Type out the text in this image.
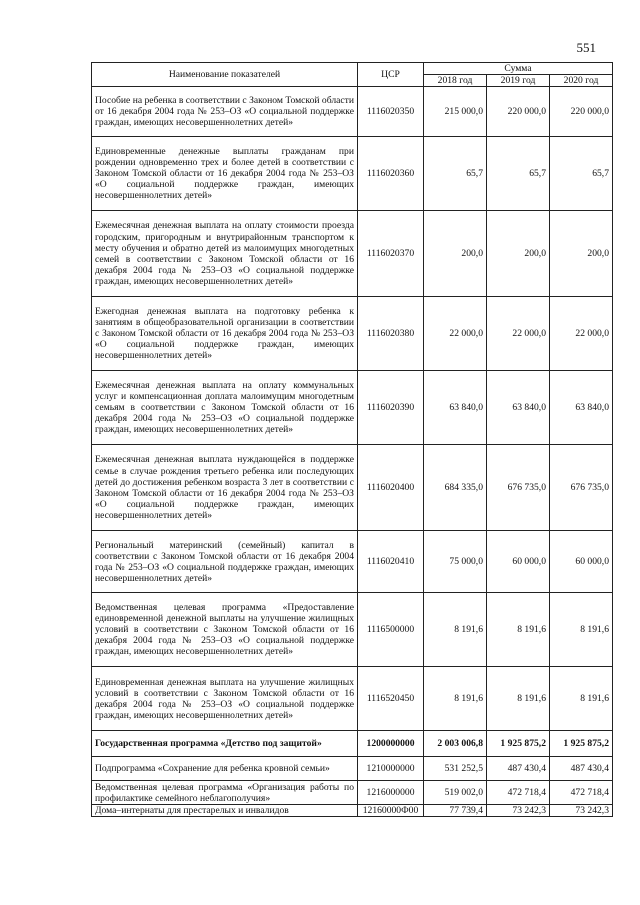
551
Наименование показателей	ЦСР	Сумма		
		2018 год	2019 год	2020 год
Пособие на ребенка в соответствии с Законом Томской области от 16 декабря 2004 года № 253–ОЗ «О социальной поддержке граждан, имеющих несовершеннолетних детей»	1116020350	215 000,0	220 000,0	220 000,0
Единовременные денежные выплаты гражданам при рождении одновременно трех и более детей в соответствии с Законом Томской области от 16 декабря 2004 года № 253–ОЗ «О социальной поддержке граждан, имеющих несовершеннолетних детей»	1116020360	65,7	65,7	65,7
Ежемесячная денежная выплата на оплату стоимости проезда городским, пригородным и внутрирайонным транспортом к месту обучения и обратно детей из малоимущих многодетных семей в соответствии с Законом Томской области от 16 декабря 2004 года № 253–ОЗ «О социальной поддержке граждан, имеющих несовершеннолетних детей»	1116020370	200,0	200,0	200,0
Ежегодная денежная выплата на подготовку ребенка к занятиям в общеобразовательной организации в соответствии с Законом Томской области от 16 декабря 2004 года № 253–ОЗ «О социальной поддержке граждан, имеющих несовершеннолетних детей»	1116020380	22 000,0	22 000,0	22 000,0
Ежемесячная денежная выплата на оплату коммунальных услуг и компенсационная доплата малоимущим многодетным семьям в соответствии с Законом Томской области от 16 декабря 2004 года № 253–ОЗ «О социальной поддержке граждан, имеющих несовершеннолетних детей»	1116020390	63 840,0	63 840,0	63 840,0
Ежемесячная денежная выплата нуждающейся в поддержке семье в случае рождения третьего ребенка или последующих детей до достижения ребенком возраста 3 лет в соответствии с Законом Томской области от 16 декабря 2004 года № 253–ОЗ «О социальной поддержке граждан, имеющих несовершеннолетних детей»	1116020400	684 335,0	676 735,0	676 735,0
Региональный материнский (семейный) капитал в соответствии с Законом Томской области от 16 декабря 2004 года № 253–ОЗ «О социальной поддержке граждан, имеющих несовершеннолетних детей»	1116020410	75 000,0	60 000,0	60 000,0
Ведомственная целевая программа «Предоставление единовременной денежной выплаты на улучшение жилищных условий в соответствии с Законом Томской области от 16 декабря 2004 года № 253–ОЗ «О социальной поддержке граждан, имеющих несовершеннолетних детей»	1116500000	8 191,6	8 191,6	8 191,6
Единовременная денежная выплата на улучшение жилищных условий в соответствии с Законом Томской области от 16 декабря 2004 года № 253–ОЗ «О социальной поддержке граждан, имеющих несовершеннолетних детей»	1116520450	8 191,6	8 191,6	8 191,6
Государственная программа «Детство под защитой»	1200000000	2 003 006,8	1 925 875,2	1 925 875,2
Подпрограмма «Сохранение для ребенка кровной семьи»	1210000000	531 252,5	487 430,4	487 430,4
Ведомственная целевая программа «Организация работы по профилактике семейного неблагополучия»	1216000000	519 002,0	472 718,4	472 718,4
Дома–интернаты для престарелых и инвалидов	12160000Ф00	77 739,4	73 242,3	73 242,3
